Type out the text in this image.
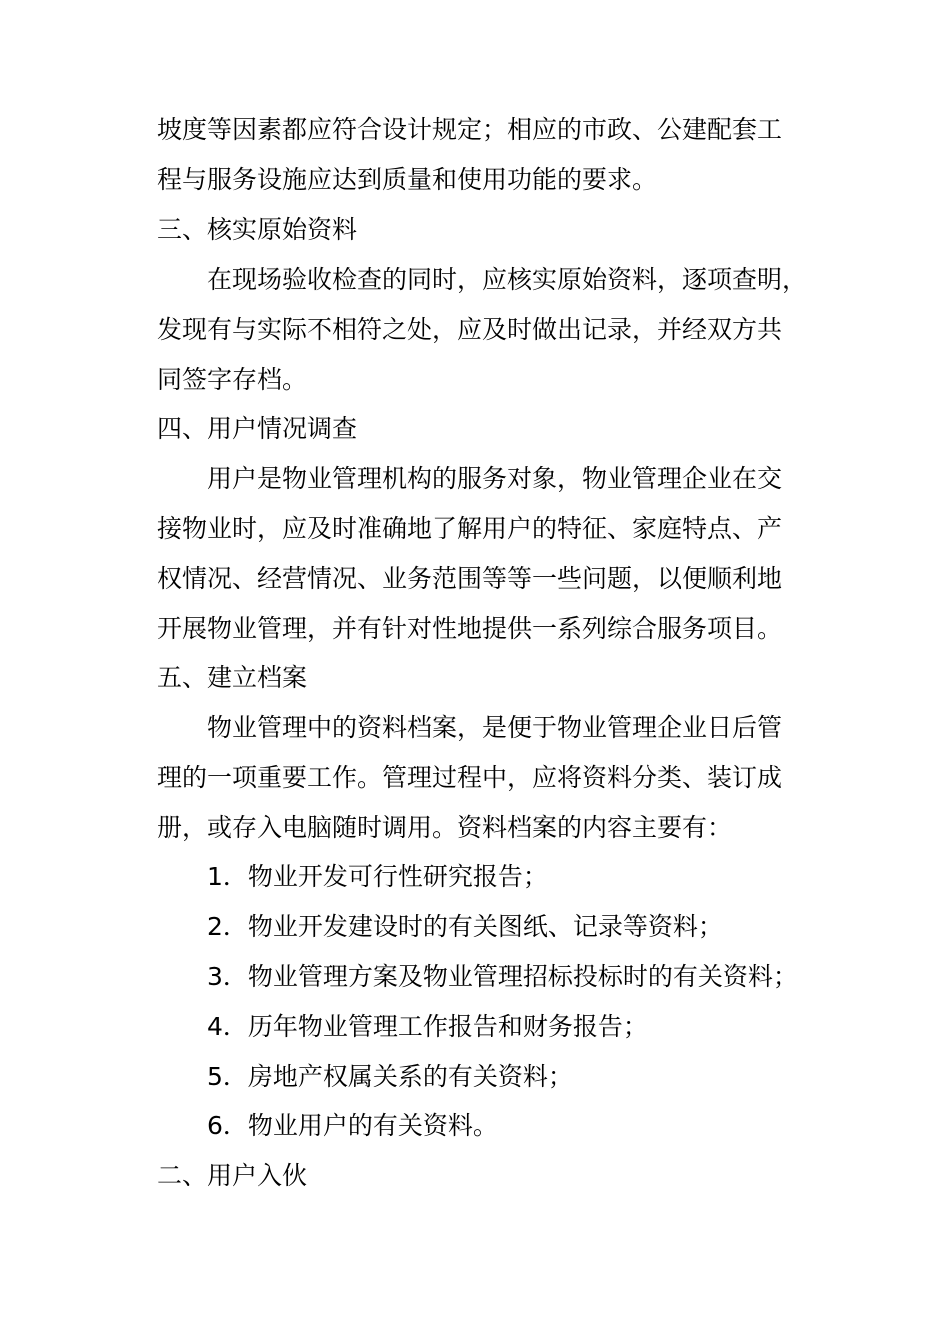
坡度等因素都应符合设计规定；相应的市政、公建配套工
程与服务设施应达到质量和使用功能的要求。
三、核实原始资料
在现场验收检查的同时，应核实原始资料，逐项查明，
发现有与实际不相符之处，应及时做出记录，并经双方共
同签字存档。
四、用户情况调查
用户是物业管理机构的服务对象，物业管理企业在交
接物业时，应及时准确地了解用户的特征、家庭特点、产
权情况、经营情况、业务范围等等一些问题，以便顺利地
开展物业管理，并有针对性地提供一系列综合服务项目。
五、建立档案
物业管理中的资料档案，是便于物业管理企业日后管
理的一项重要工作。管理过程中，应将资料分类、装订成
册，或存入电脑随时调用。资料档案的内容主要有：
1．物业开发可行性研究报告；
2．物业开发建设时的有关图纸、记录等资料；
3．物业管理方案及物业管理招标投标时的有关资料；
4．历年物业管理工作报告和财务报告；
5．房地产权属关系的有关资料；
6．物业用户的有关资料。
二、用户入伙
